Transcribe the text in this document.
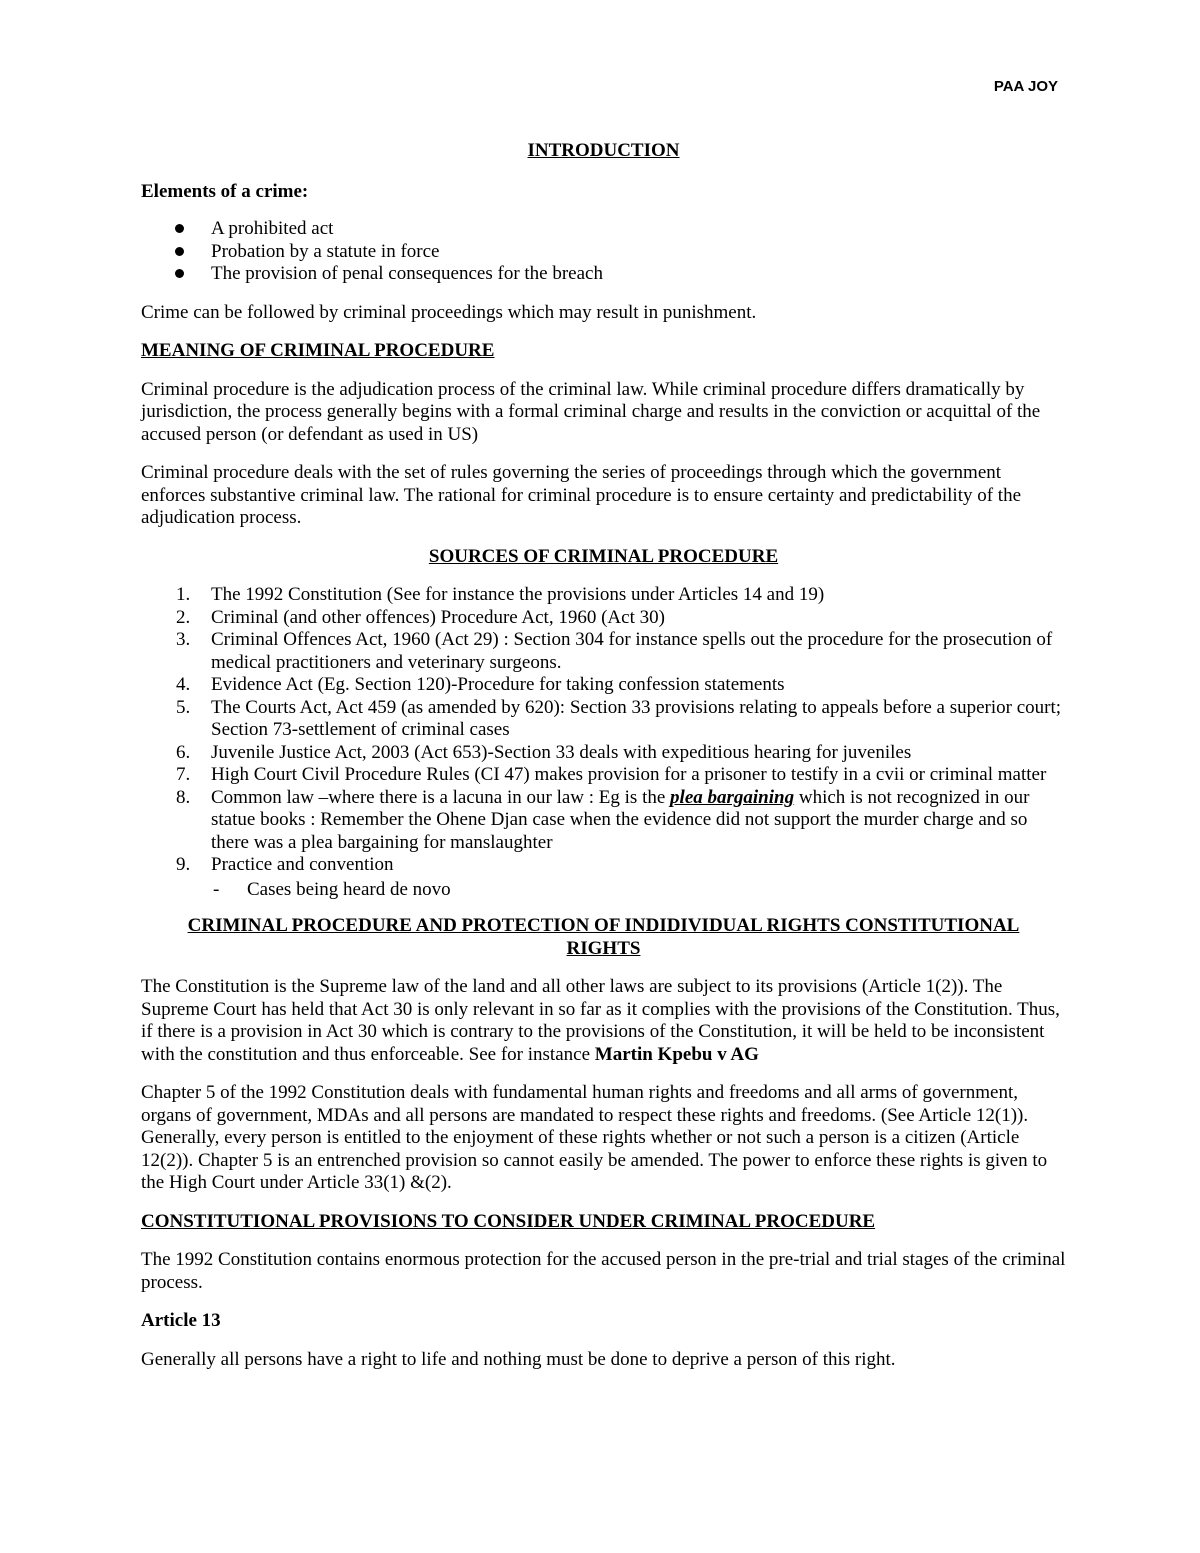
PAA JOY

INTRODUCTION

Elements of a crime:

A prohibited act
Probation by a statute in force
The provision of penal consequences for the breach

Crime can be followed by criminal proceedings which may result in punishment.

MEANING OF CRIMINAL PROCEDURE

Criminal procedure is the adjudication process of the criminal law. While criminal procedure differs dramatically by jurisdiction, the process generally begins with a formal criminal charge and results in the conviction or acquittal of the accused person (or defendant as used in US)

Criminal procedure deals with the set of rules governing the series of proceedings through which the government enforces substantive criminal law. The rational for criminal procedure is to ensure certainty and predictability of the adjudication process.

SOURCES OF CRIMINAL PROCEDURE

1. The 1992 Constitution (See for instance the provisions under Articles 14 and 19)
2. Criminal (and other offences) Procedure Act, 1960 (Act 30)
3. Criminal Offences Act, 1960 (Act 29) : Section 304 for instance spells out the procedure for the prosecution of medical practitioners and veterinary surgeons.
4. Evidence Act (Eg. Section 120)-Procedure for taking confession statements
5. The Courts Act, Act 459 (as amended by 620): Section 33 provisions relating to appeals before a superior court; Section 73-settlement of criminal cases
6. Juvenile Justice Act, 2003 (Act 653)-Section 33 deals with expeditious hearing for juveniles
7. High Court Civil Procedure Rules (CI 47) makes provision for a prisoner to testify in a cvii or criminal matter
8. Common law –where there is a lacuna in our law : Eg is the plea bargaining which is not recognized in our statue books : Remember the Ohene Djan case when the evidence did not support the murder charge and so there was a plea bargaining for manslaughter
9. Practice and convention
- Cases being heard de novo

CRIMINAL PROCEDURE AND PROTECTION OF INDIDIVIDUAL RIGHTS CONSTITUTIONAL RIGHTS

The Constitution is the Supreme law of the land and all other laws are subject to its provisions (Article 1(2)). The Supreme Court has held that Act 30 is only relevant in so far as it complies with the provisions of the Constitution. Thus, if there is a provision in Act 30 which is contrary to the provisions of the Constitution, it will be held to be inconsistent with the constitution and thus enforceable. See for instance Martin Kpebu v AG

Chapter 5 of the 1992 Constitution deals with fundamental human rights and freedoms and all arms of government, organs of government, MDAs and all persons are mandated to respect these rights and freedoms. (See Article 12(1)). Generally, every person is entitled to the enjoyment of these rights whether or not such a person is a citizen (Article 12(2)). Chapter 5 is an entrenched provision so cannot easily be amended. The power to enforce these rights is given to the High Court under Article 33(1) &(2).

CONSTITUTIONAL PROVISIONS TO CONSIDER UNDER CRIMINAL PROCEDURE

The 1992 Constitution contains enormous protection for the accused person in the pre-trial and trial stages of the criminal process.

Article 13

Generally all persons have a right to life and nothing must be done to deprive a person of this right.
